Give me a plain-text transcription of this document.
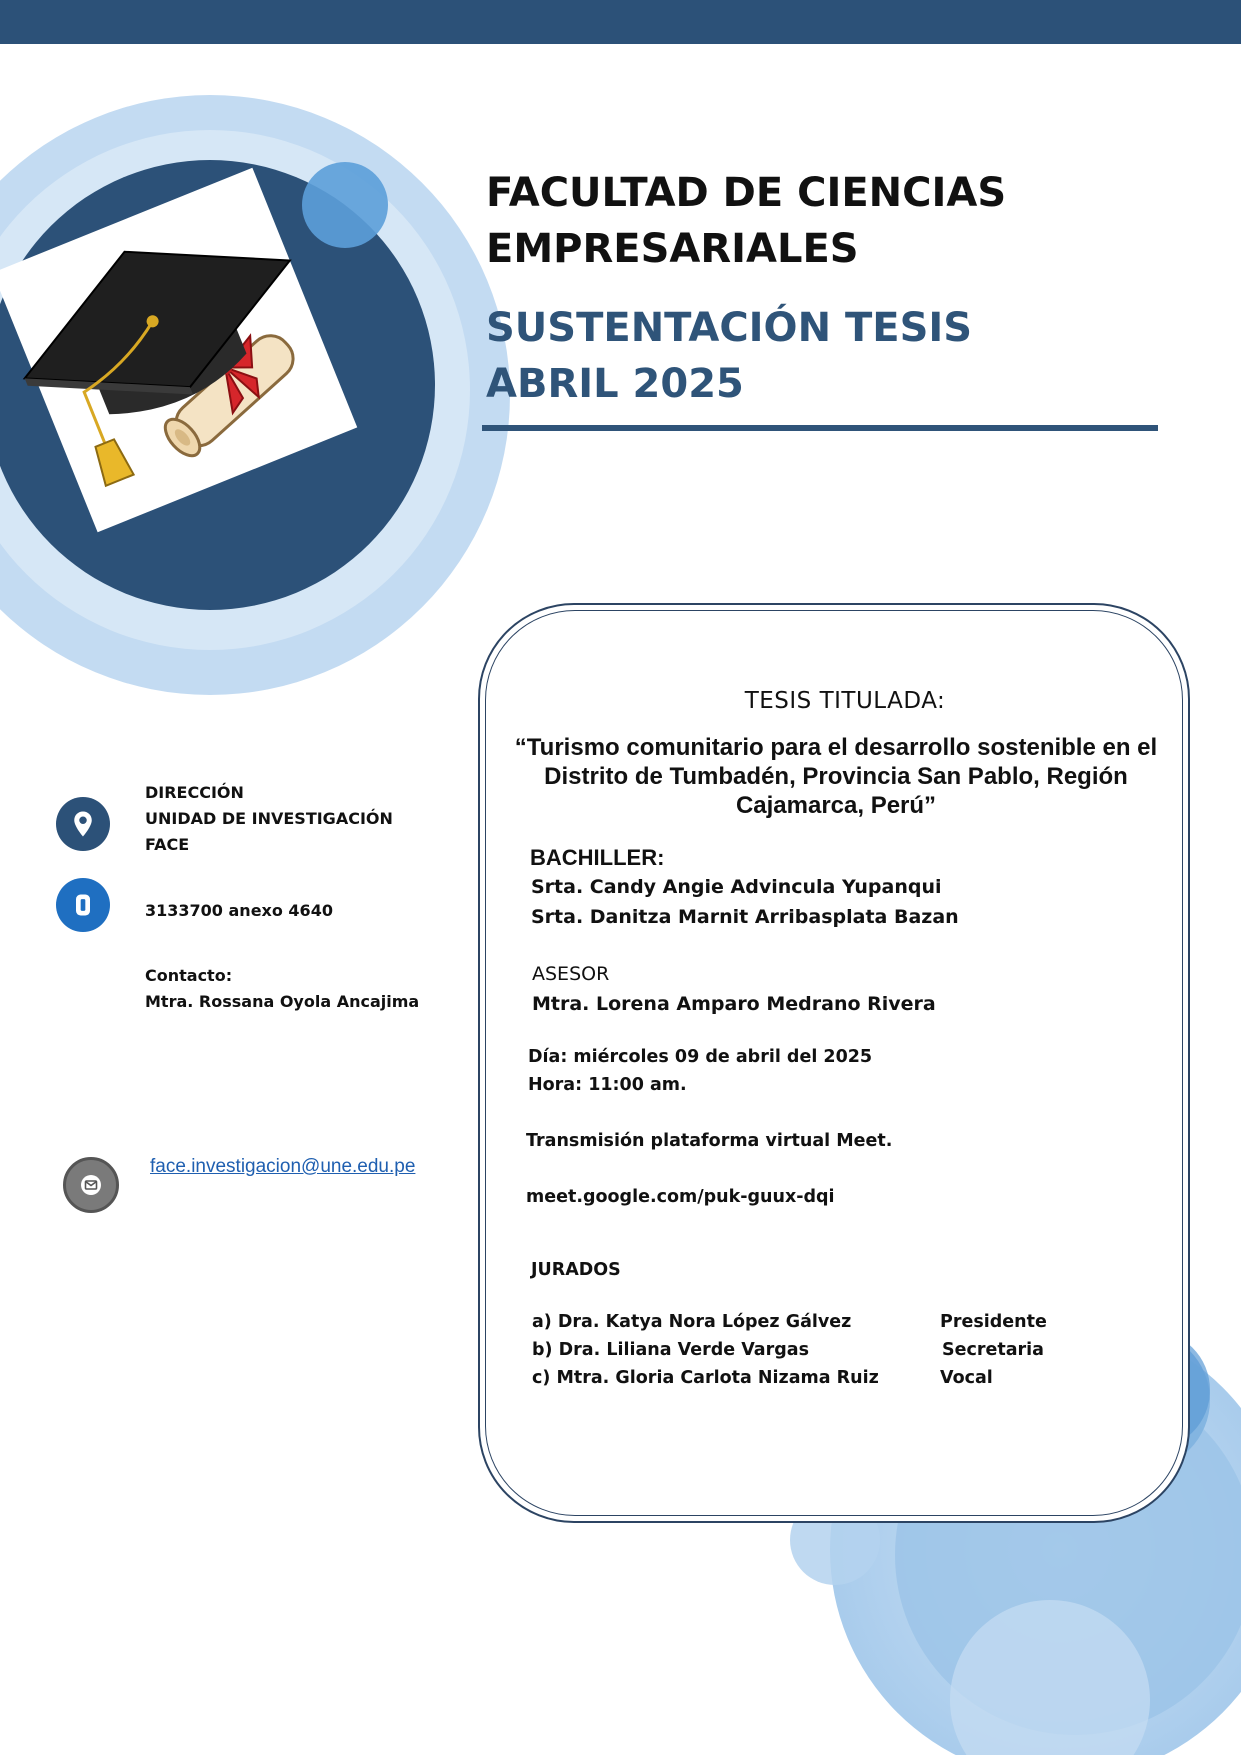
FACULTAD DE CIENCIAS
EMPRESARIALES
SUSTENTACIÓN TESIS
ABRIL 2025
DIRECCIÓN
UNIDAD DE INVESTIGACIÓN
FACE
3133700 anexo 4640
Contacto:
Mtra. Rossana Oyola Ancajima
face.investigacion@une.edu.pe
TESIS TITULADA:
“Turismo comunitario para el desarrollo sostenible en el Distrito de Tumbadén, Provincia San Pablo, Región Cajamarca, Perú”
BACHILLER:
Srta. Candy Angie Advincula Yupanqui
Srta. Danitza Marnit Arribasplata Bazan
ASESOR
Mtra. Lorena Amparo Medrano Rivera
Día: miércoles 09 de abril del 2025
Hora: 11:00 am.
Transmisión plataforma virtual Meet.
meet.google.com/puk-guux-dqi
JURADOS
a) Dra. Katya Nora López Gálvez	Presidente
b) Dra. Liliana Verde Vargas	Secretaria
c) Mtra. Gloria Carlota Nizama Ruiz	Vocal
